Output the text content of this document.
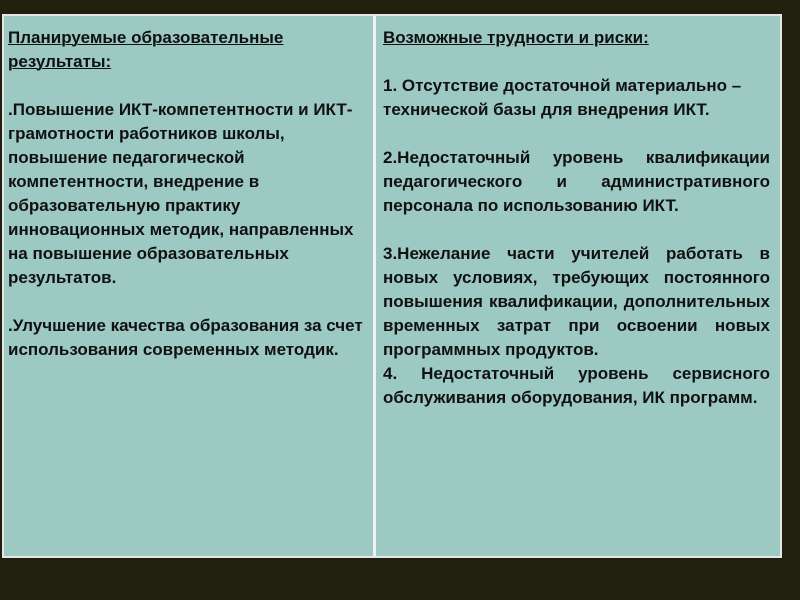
Планируемые образовательные результаты:

.Повышение ИКТ-компетентности и ИКТ-грамотности работников школы, повышение педагогической компетентности, внедрение в образовательную практику инновационных методик, направленных на повышение образовательных результатов.

.Улучшение качества образования за счет использования современных методик.

Возможные трудности и риски:

1. Отсутствие достаточной материально – технической базы для внедрения ИКТ.

2.Недостаточный уровень квалификации педагогического и административного персонала по использованию ИКТ.

3.Нежелание части учителей работать в новых условиях, требующих постоянного повышения квалификации, дополнительных временных затрат при освоении новых программных продуктов.

4. Недостаточный уровень сервисного обслуживания оборудования, ИК программ.
